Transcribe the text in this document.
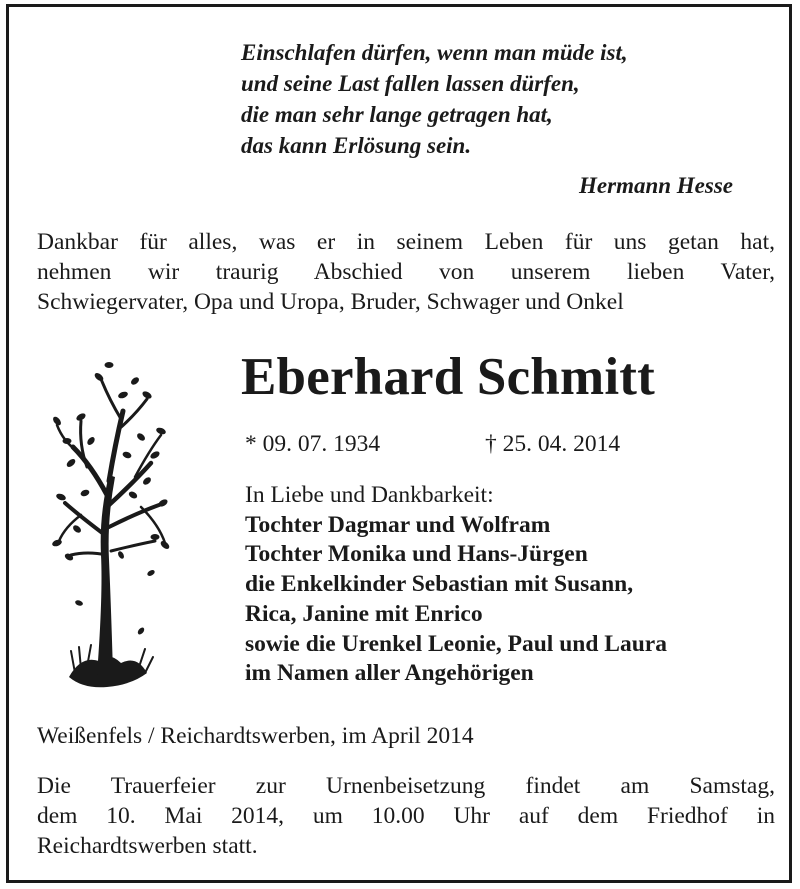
Einschlafen dürfen, wenn man müde ist,
und seine Last fallen lassen dürfen,
die man sehr lange getragen hat,
das kann Erlösung sein.
Hermann Hesse
Dankbar für alles, was er in seinem Leben für uns getan hat,
nehmen wir traurig Abschied von unserem lieben Vater,
Schwiegervater, Opa und Uropa, Bruder, Schwager und Onkel
Eberhard Schmitt
* 09. 07. 1934	† 25. 04. 2014
In Liebe und Dankbarkeit:
Tochter Dagmar und Wolfram
Tochter Monika und Hans-Jürgen
die Enkelkinder Sebastian mit Susann,
Rica, Janine mit Enrico
sowie die Urenkel Leonie, Paul und Laura
im Namen aller Angehörigen
Weißenfels / Reichardtswerben, im April 2014
Die Trauerfeier zur Urnenbeisetzung findet am Samstag,
dem 10. Mai 2014, um 10.00 Uhr auf dem Friedhof in
Reichardtswerben statt.
